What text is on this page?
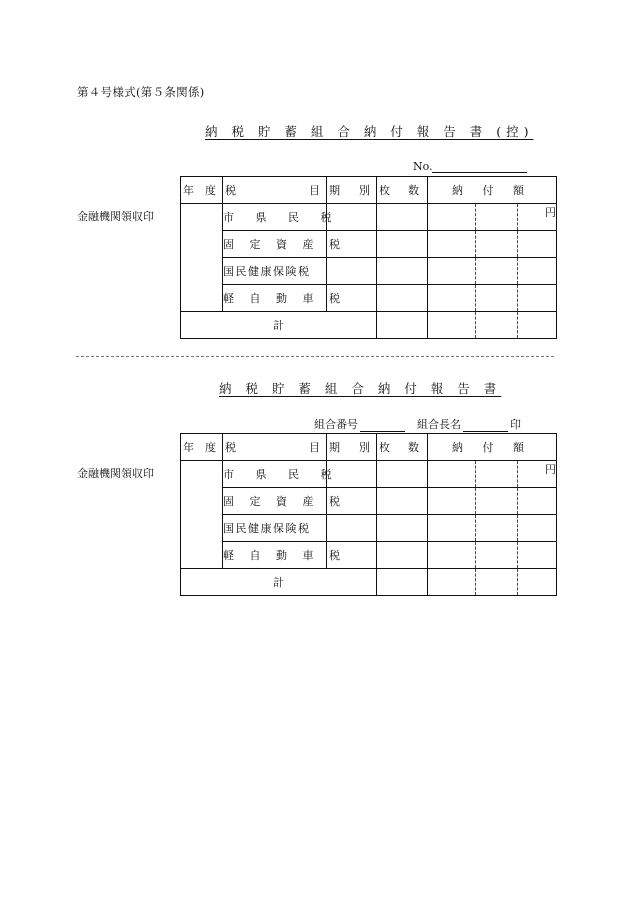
第４号様式(第５条関係)
納 税 貯 蓄 組 合 納 付 報 告 書 (控)
No.
金融機関領収印
年 度	税 目	期 別	枚 数	納 付 額		
	市 県 民 税					円
	固 定 資 産 税					
	国民健康保険税					
	軽 自 動 車 税					
計						
納 税 貯 蓄 組 合 納 付 報 告 書
組合番号	組合長名	印
金融機関領収印
年 度	税 目	期 別	枚 数	納 付 額		
	市 県 民 税					円
	固 定 資 産 税					
	国民健康保険税					
	軽 自 動 車 税					
計						
